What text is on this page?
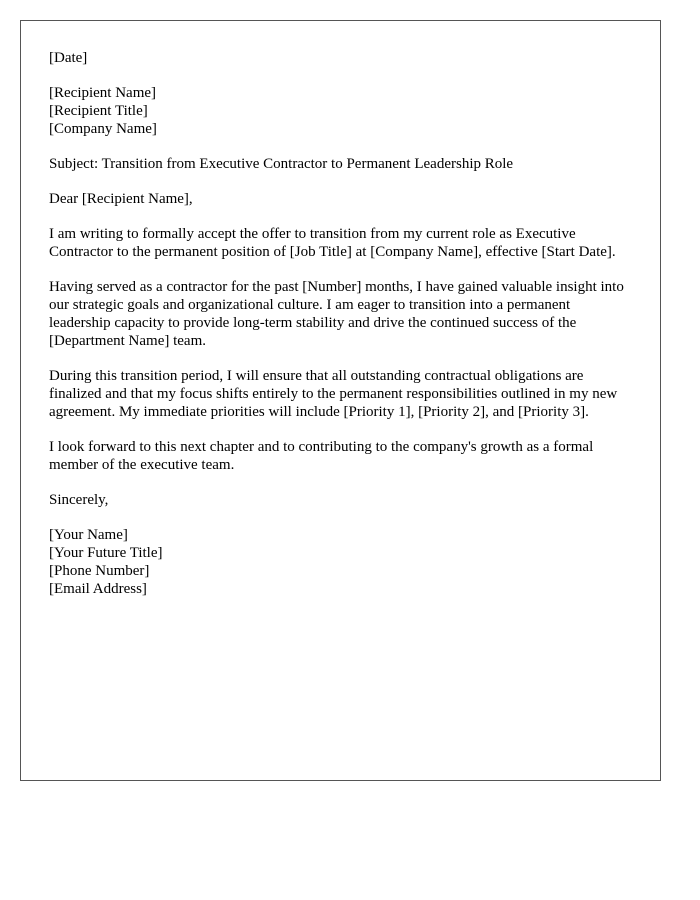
[Date]

[Recipient Name]
[Recipient Title]
[Company Name]

Subject: Transition from Executive Contractor to Permanent Leadership Role

Dear [Recipient Name],

I am writing to formally accept the offer to transition from my current role as Executive Contractor to the permanent position of [Job Title] at [Company Name], effective [Start Date].

Having served as a contractor for the past [Number] months, I have gained valuable insight into our strategic goals and organizational culture. I am eager to transition into a permanent leadership capacity to provide long-term stability and drive the continued success of the [Department Name] team.

During this transition period, I will ensure that all outstanding contractual obligations are finalized and that my focus shifts entirely to the permanent responsibilities outlined in my new agreement. My immediate priorities will include [Priority 1], [Priority 2], and [Priority 3].

I look forward to this next chapter and to contributing to the company's growth as a formal member of the executive team.

Sincerely,

[Your Name]
[Your Future Title]
[Phone Number]
[Email Address]
